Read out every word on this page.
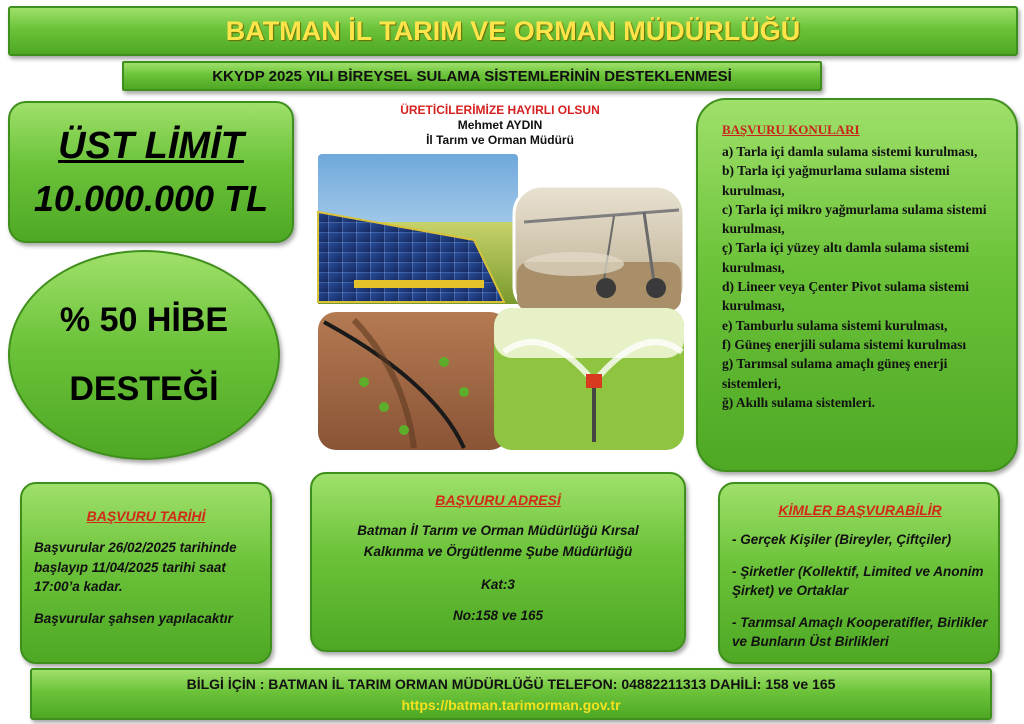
BATMAN İL TARIM VE ORMAN MÜDÜRLÜĞÜ
KKYDP 2025 YILI BİREYSEL SULAMA SİSTEMLERİNİN DESTEKLENMESİ
ÜST LİMİT
10.000.000 TL
% 50 HİBE
DESTEĞİ
ÜRETİCİLERİMİZE HAYIRLI OLSUN
Mehmet AYDIN
İl Tarım ve Orman Müdürü
BAŞVURU KONULARI
a) Tarla içi damla sulama sistemi kurulması,
b) Tarla içi yağmurlama sulama sistemi kurulması,
c) Tarla içi mikro yağmurlama sulama sistemi kurulması,
ç) Tarla içi yüzey altı damla sulama sistemi kurulması,
d) Lineer veya Çenter Pivot sulama sistemi kurulması,
e) Tamburlu sulama sistemi kurulması,
f) Güneş enerjili sulama sistemi kurulması
g) Tarımsal sulama amaçlı güneş enerji sistemleri,
ğ) Akıllı sulama sistemleri.
BAŞVURU TARİHİ

Başvurular 26/02/2025 tarihinde başlayıp 11/04/2025 tarihi saat 17:00’a kadar.

Başvurular şahsen yapılacaktır

BAŞVURU ADRESİ

Batman İl Tarım ve Orman Müdürlüğü Kırsal Kalkınma ve Örgütlenme Şube Müdürlüğü

Kat:3

No:158 ve 165

KİMLER BAŞVURABİLİR

- Gerçek Kişiler (Bireyler, Çiftçiler)

- Şirketler (Kollektif, Limited ve Anonim Şirket) ve Ortaklar

- Tarımsal Amaçlı Kooperatifler, Birlikler ve Bunların Üst Birlikleri

BİLGİ İÇİN : BATMAN İL TARIM ORMAN MÜDÜRLÜĞÜ TELEFON: 04882211313 DAHİLİ: 158 ve 165
https://batman.tarimorman.gov.tr
